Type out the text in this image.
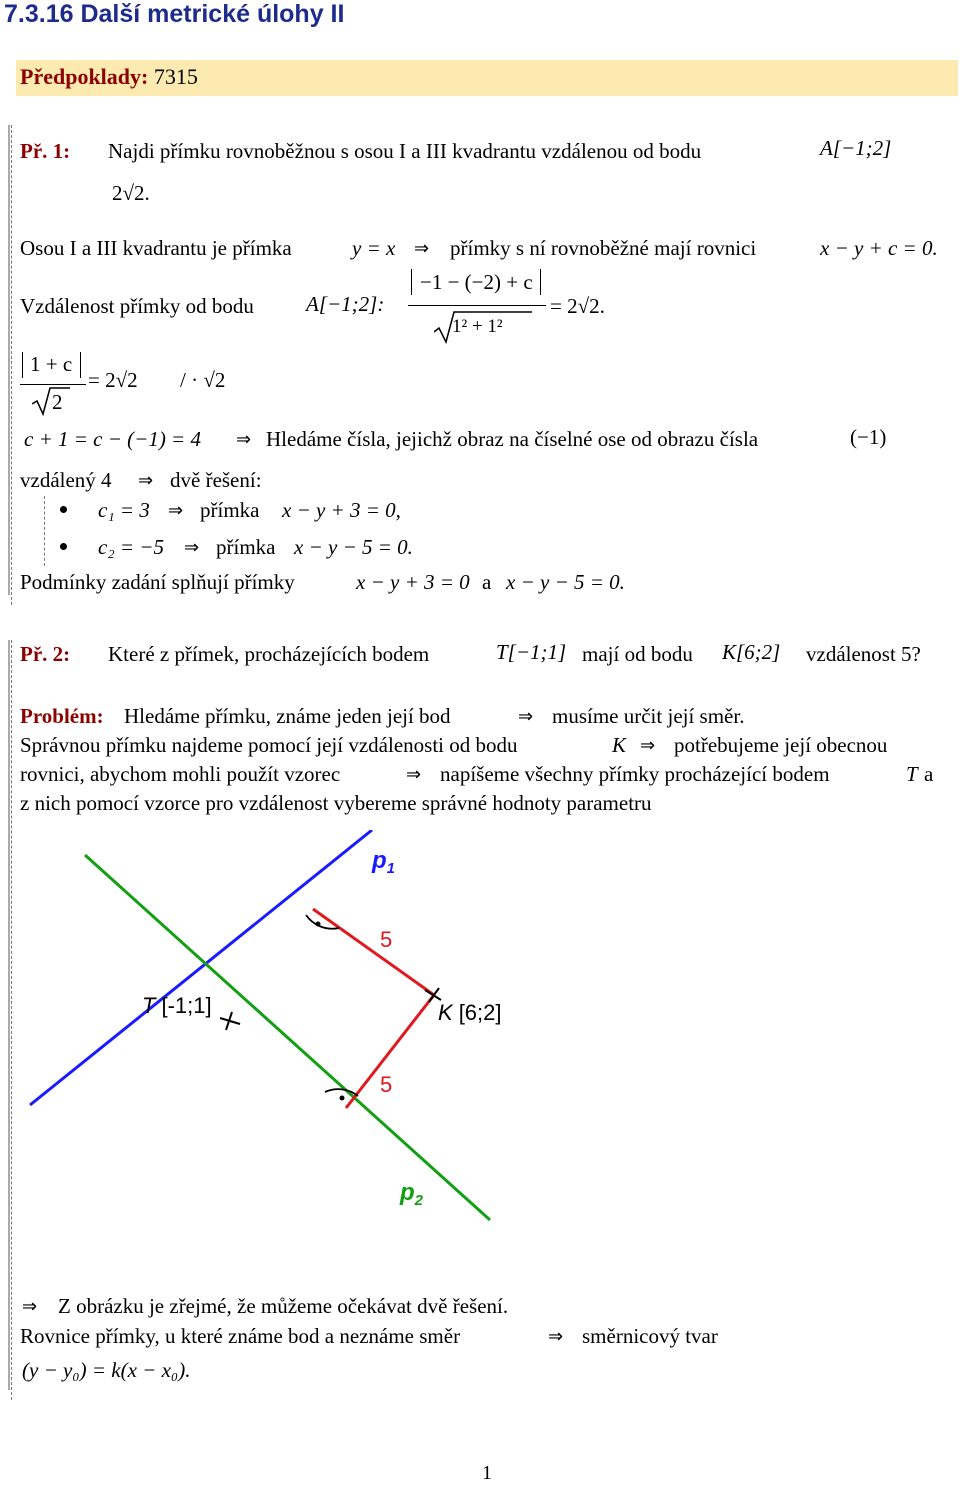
7.3.16 Další metrické úlohy II
Předpoklady: 7315
Př. 1: Najdi přímku rovnoběžnou s osou I a III kvadrantu vzdálenou od bodu	A[−1;2]
2√2.
Osou I a III kvadrantu je přímka	y = x ⇒ přímky s ní rovnoběžné mají rovnici	x − y + c = 0.
Vzdálenost přímky od bodu A[−1;2]:
−1 − (−2) + c
1² + 1²
= 2√2.
1 + c
2
= 2√2 / · √2
c + 1 = c − (−1) = 4 ⇒ Hledáme čísla, jejichž obraz na číselné ose od obrazu čísla	(−1)
vzdálený 4 ⇒ dvě řešení:
c₁ = 3 ⇒ přímka x − y + 3 = 0,
c₂ = −5 ⇒ přímka x − y − 5 = 0.
Podmínky zadání splňují přímky	x − y + 3 = 0 a x − y − 5 = 0.
Př. 2: Které z přímek, procházejících bodem	T[−1;1] mají od bodu K[6;2] vzdálenost 5?
Problém: Hledáme přímku, známe jeden její bod	⇒ musíme určit její směr.
Správnou přímku najdeme pomocí její vzdálenosti od bodu	K ⇒ potřebujeme její obecnou
rovnici, abychom mohli použít vzorec	⇒ napíšeme všechny přímky procházející bodem	T a
z nich pomocí vzorce pro vzdálenost vybereme správné hodnoty parametru
$p_1$
5
T [-1;1]	K [6;2]
5
$p_2$
⇒ Z obrázku je zřejmé, že můžeme očekávat dvě řešení.
Rovnice přímky, u které známe bod a neznáme směr	⇒ směrnicový tvar
(y − y₀) = k(x − x₀).
1
